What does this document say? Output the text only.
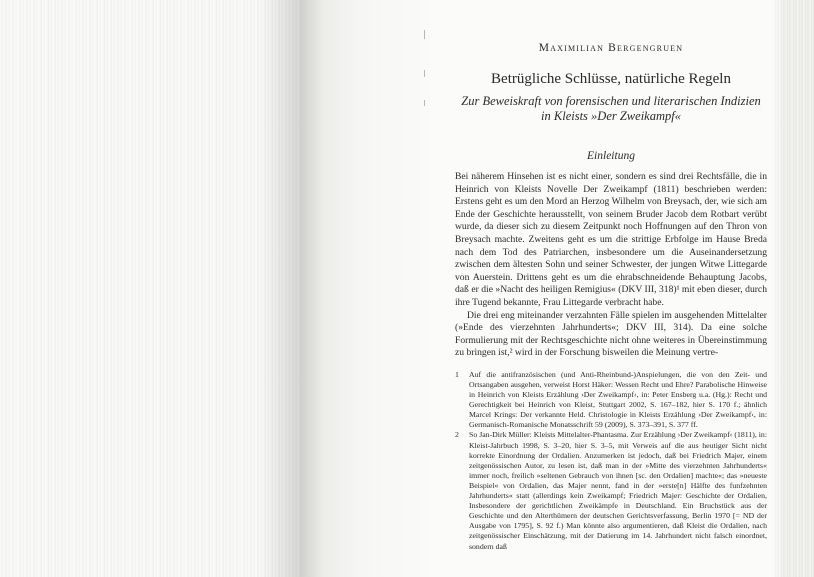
Maximilian Bergengruen
Betrügliche Schlüsse, natürliche Regeln
Zur Beweiskraft von forensischen und literarischen Indizien
in Kleists »Der Zweikampf«
Einleitung

Bei näherem Hinsehen ist es nicht einer, sondern es sind drei Rechtsfälle, die in Heinrich von Kleists Novelle Der Zweikampf (1811) beschrieben werden: Erstens geht es um den Mord an Herzog Wilhelm von Breysach, der, wie sich am Ende der Geschichte herausstellt, von seinem Bruder Jacob dem Rotbart verübt wurde, da dieser sich zu diesem Zeitpunkt noch Hoffnungen auf den Thron von Breysach machte. Zweitens geht es um die strittige Erbfolge im Hause Breda nach dem Tod des Patriarchen, insbesondere um die Auseinandersetzung zwischen dem ältesten Sohn und seiner Schwester, der jungen Witwe Littegarde von Auerstein. Drittens geht es um die ehrabschneidende Behauptung Jacobs, daß er die »Nacht des heiligen Remigius« (DKV III, 318)¹ mit eben dieser, durch ihre Tugend bekannte, Frau Littegarde verbracht habe.

Die drei eng miteinander verzahnten Fälle spielen im ausgehenden Mittelalter (»Ende des vierzehnten Jahrhunderts«; DKV III, 314). Da eine solche Formulierung mit der Rechtsgeschichte nicht ohne weiteres in Übereinstimmung zu bringen ist,² wird in der Forschung bisweilen die Meinung vertre-

1	Auf die antifranzösischen (und Anti-Rheinbund-)Anspielungen, die von den Zeit- und Ortsangaben ausgehen, verweist Horst Häker: Wessen Recht und Ehre? Parabolische Hinweise in Heinrich von Kleists Erzählung ›Der Zweikampf‹, in: Peter Ensberg u.a. (Hg.): Recht und Gerechtigkeit bei Heinrich von Kleist, Stuttgart 2002, S. 167–182, hier S. 170 f.; ähnlich Marcel Krings: Der verkannte Held. Christologie in Kleists Erzählung ›Der Zweikampf‹, in: Germanisch-Romanische Monatsschrift 59 (2009), S. 373–391, S. 377 ff.
2	So Jan-Dirk Müller: Kleists Mittelalter-Phantasma. Zur Erzählung ›Der Zweikampf‹ (1811), in: Kleist-Jahrbuch 1998, S. 3–20, hier S. 3–5, mit Verweis auf die aus heutiger Sicht nicht korrekte Einordnung der Ordalien. Anzumerken ist jedoch, daß bei Friedrich Majer, einem zeitgenössischen Autor, zu lesen ist, daß man in der »Mitte des vierzehnten Jahrhunderts« immer noch, freilich »seltenen Gebrauch von ihnen [sc. den Ordalien] machte«; das »neueste Beispiel« von Ordalien, das Majer nennt, fand in der »erste[n] Hälfte des funfzehnten Jahrhunderts« statt (allerdings kein Zweikampf; Friedrich Majer: Geschichte der Ordalien, Insbesondere der gerichtlichen Zweikämpfe in Deutschland. Ein Bruchstück aus der Geschichte und den Alterthümern der deutschen Gerichtsverfassung, Berlin 1970 [= ND der Ausgabe von 1795], S. 92 f.) Man könnte also argumentieren, daß Kleist die Ordalien, nach zeitgenössischer Einschätzung, mit der Datierung im 14. Jahrhundert nicht falsch einordnet, sondern daß
